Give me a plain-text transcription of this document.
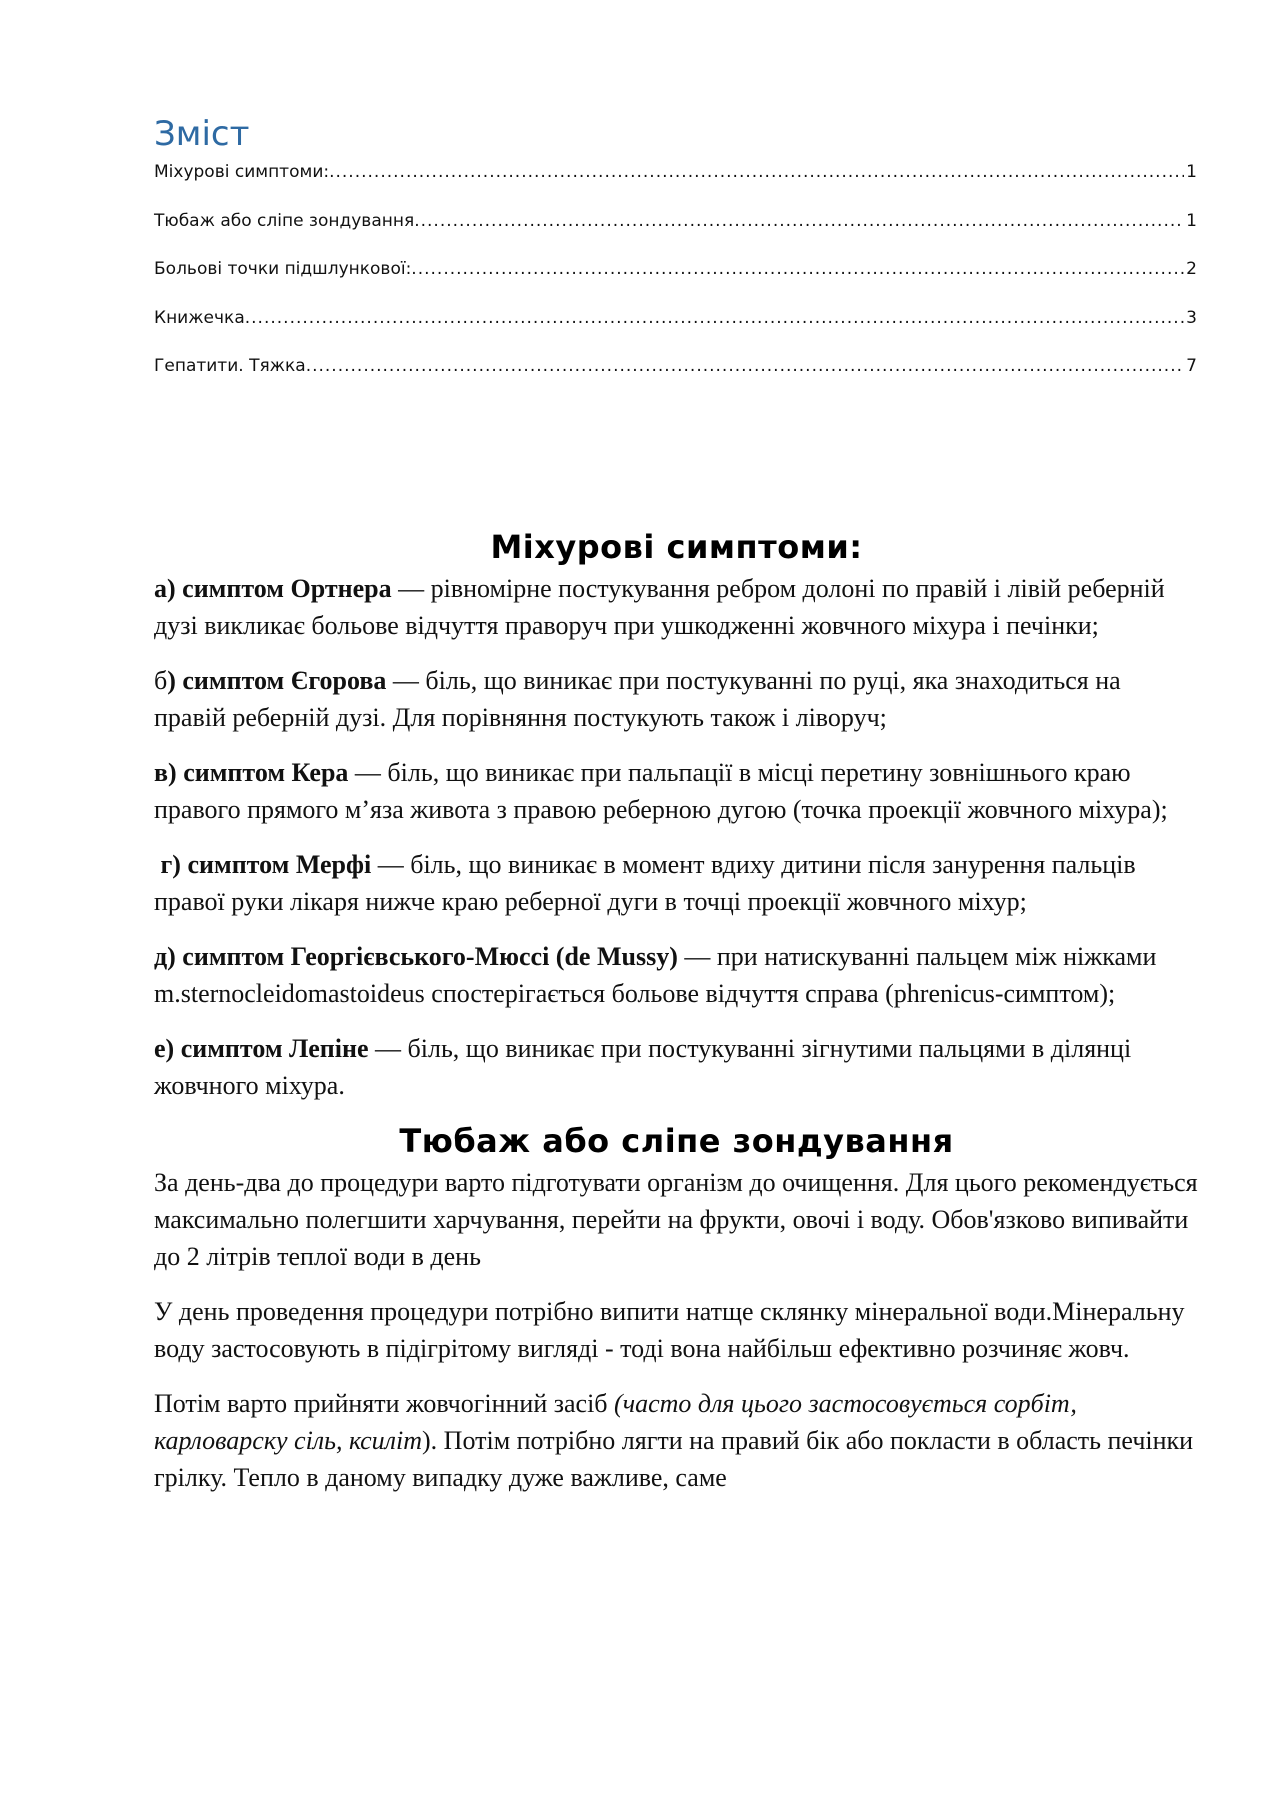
Зміст
Міхурові симптоми: .....	1
Тюбаж або сліпе зондування .....	1
Больові точки підшлункової: .....	2
Книжечка .....	3
Гепатити. Тяжка .....	7
Міхурові симптоми:

а) симптом Ортнера — рівномірне постукування ребром долоні по правій і лівій реберній дузі викликає больове відчуття праворуч при ушкодженні жовчного міхура і печінки;

б) симптом Єгорова — біль, що виникає при постукуванні по руці, яка знаходиться на правій реберній дузі. Для порівняння постукують також і ліворуч;

в) симптом Кера — біль, що виникає при пальпації в місці перетину зовнішнього краю правого прямого м’яза живота з правою реберною дугою (точка проекції жовчного міхура);

г) симптом Мерфі — біль, що виникає в момент вдиху дитини після занурення пальців правої руки лікаря нижче краю реберної дуги в точці проекції жовчного міхур;

д) симптом Георгієвського-Мюссі (de Mussy) — при натискуванні пальцем між ніжками m.sternocleidomastoideus спостерігається больове відчуття справа (phrenicus-симптом);

е) симптом Лепіне — біль, що виникає при постукуванні зігнутими пальцями в ділянці жовчного міхура.

Тюбаж або сліпе зондування

За день-два до процедури варто підготувати організм до очищення. Для цього рекомендується максимально полегшити харчування, перейти на фрукти, овочі і воду. Обов'язково випивайти до 2 літрів теплої води в день

У день проведення процедури потрібно випити натще склянку мінеральної води.Мінеральну воду застосовують в підігрітому вигляді - тоді вона найбільш ефективно розчиняє жовч.

Потім варто прийняти жовчогінний засіб (часто для цього застосовується сорбіт, карловарску сіль, ксиліт). Потім потрібно лягти на правий бік або покласти в область печінки грілку. Тепло в даному випадку дуже важливе, саме
